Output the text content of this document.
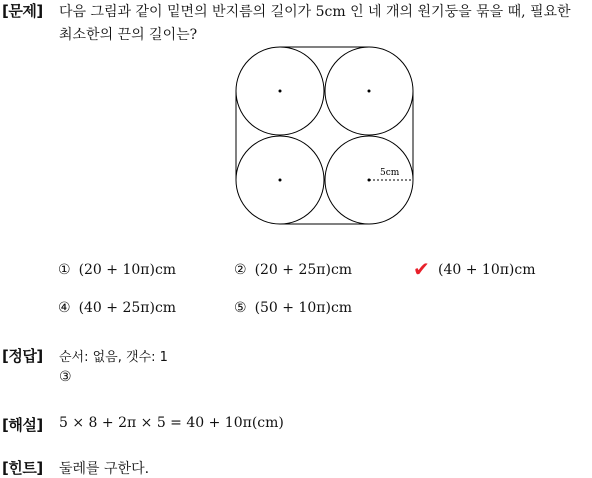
[문제] 다음 그림과 같이 밑면의 반지름의 길이가 5cm 인 네 개의 원기둥을 묶을 때, 필요한
최소한의 끈의 길이는?
5cm
① (20 + 10π)cm	② (20 + 25π)cm	✔ (40 + 10π)cm
④ (40 + 25π)cm	⑤ (50 + 10π)cm
[정답] 순서: 없음, 갯수: 1
③
[해설] 5 × 8 + 2π × 5 = 40 + 10π(cm)
[힌트] 둘레를 구한다.
